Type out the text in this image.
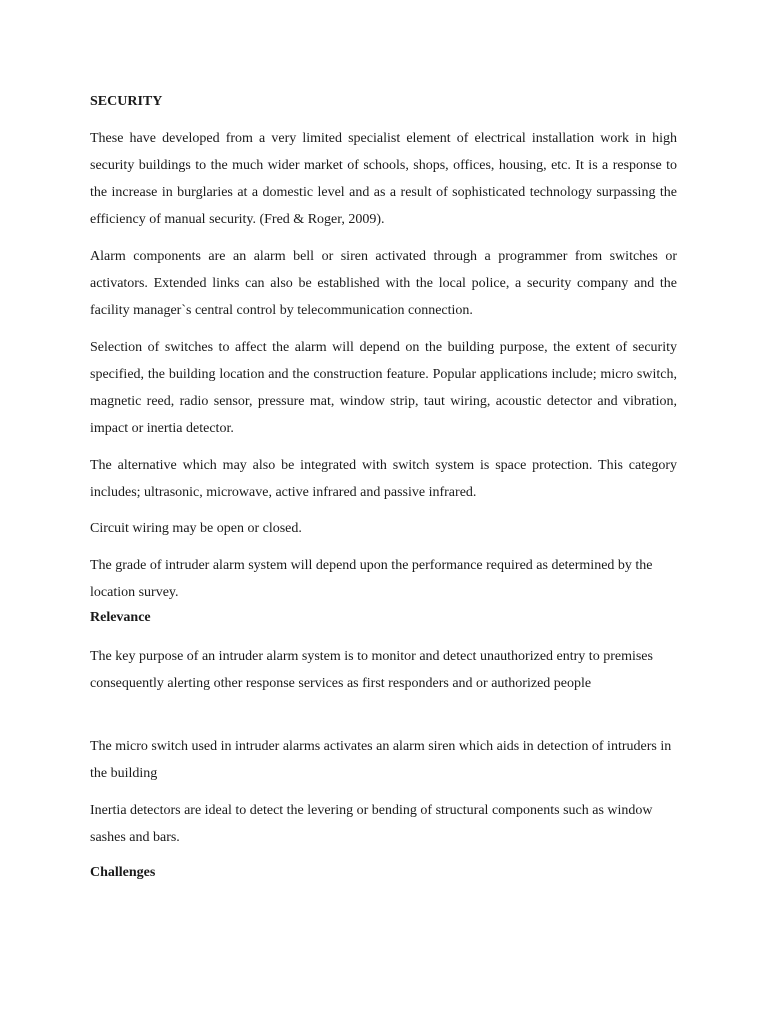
SECURITY

These have developed from a very limited specialist element of electrical installation work in high security buildings to the much wider market of schools, shops, offices, housing, etc. It is a response to the increase in burglaries at a domestic level and as a result of sophisticated technology surpassing the efficiency of manual security. (Fred & Roger, 2009).

Alarm components are an alarm bell or siren activated through a programmer from switches or activators. Extended links can also be established with the local police, a security company and the facility manager`s central control by telecommunication connection.

Selection of switches to affect the alarm will depend on the building purpose, the extent of security specified, the building location and the construction feature. Popular applications include; micro switch, magnetic reed, radio sensor, pressure mat, window strip, taut wiring, acoustic detector and vibration, impact or inertia detector.

The alternative which may also be integrated with switch system is space protection. This category includes; ultrasonic, microwave, active infrared and passive infrared.

Circuit wiring may be open or closed.

The grade of intruder alarm system will depend upon the performance required as determined by the location survey.

Relevance

The key purpose of an intruder alarm system is to monitor and detect unauthorized entry to premises consequently alerting other response services as first responders and or authorized people

The micro switch used in intruder alarms activates an alarm siren which aids in detection of intruders in the building

Inertia detectors are ideal to detect the levering or bending of structural components such as window sashes and bars.

Challenges
